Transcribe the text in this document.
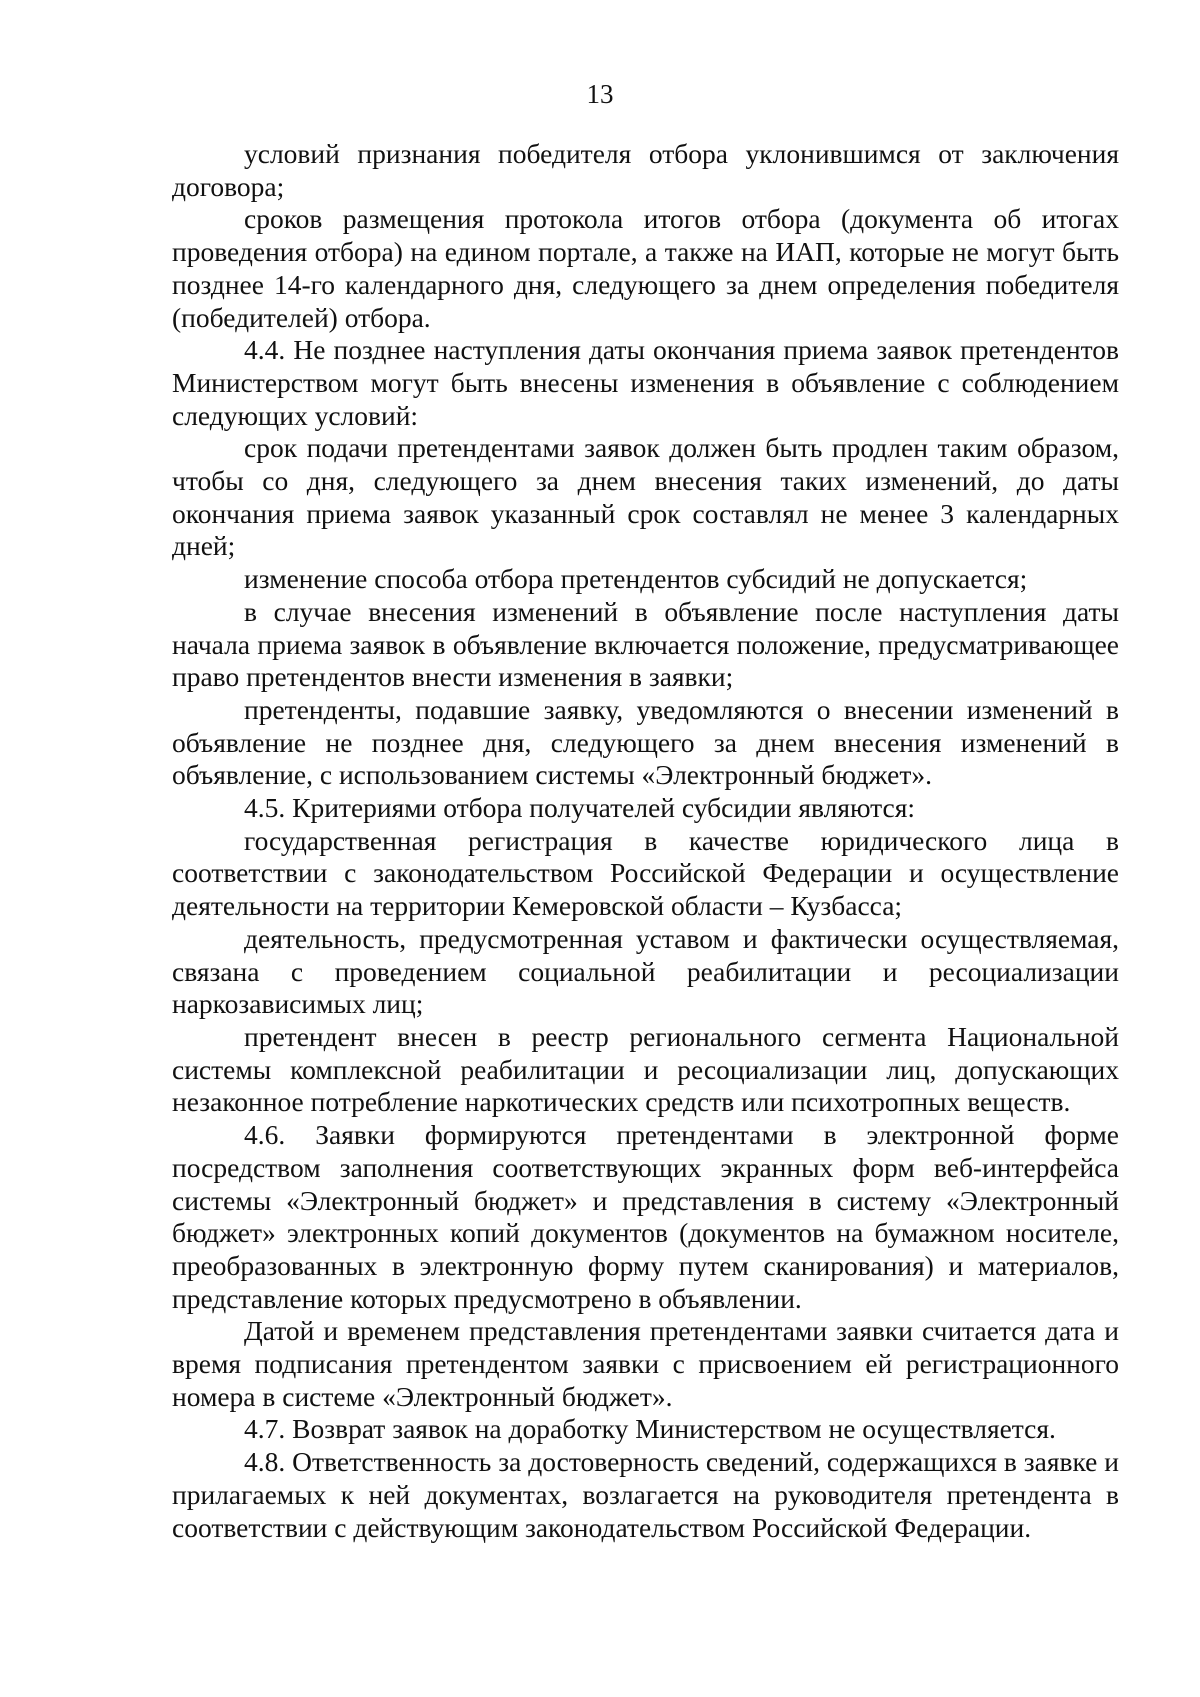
13

условий признания победителя отбора уклонившимся от заключения договора;

сроков размещения протокола итогов отбора (документа об итогах проведения отбора) на едином портале, а также на ИАП, которые не могут быть позднее 14-го календарного дня, следующего за днем определения победителя (победителей) отбора.

4.4. Не позднее наступления даты окончания приема заявок претендентов Министерством могут быть внесены изменения в объявление с соблюдением следующих условий:

срок подачи претендентами заявок должен быть продлен таким образом, чтобы со дня, следующего за днем внесения таких изменений, до даты окончания приема заявок указанный срок составлял не менее 3 календарных дней;

изменение способа отбора претендентов субсидий не допускается;

в случае внесения изменений в объявление после наступления даты начала приема заявок в объявление включается положение, предусматривающее право претендентов внести изменения в заявки;

претенденты, подавшие заявку, уведомляются о внесении изменений в объявление не позднее дня, следующего за днем внесения изменений в объявление, с использованием системы «Электронный бюджет».

4.5. Критериями отбора получателей субсидии являются:

государственная регистрация в качестве юридического лица в соответствии с законодательством Российской Федерации и осуществление деятельности на территории Кемеровской области – Кузбасса;

деятельность, предусмотренная уставом и фактически осуществляемая, связана с проведением социальной реабилитации и ресоциализации наркозависимых лиц;

претендент внесен в реестр регионального сегмента Национальной системы комплексной реабилитации и ресоциализации лиц, допускающих незаконное потребление наркотических средств или психотропных веществ.

4.6. Заявки формируются претендентами в электронной форме посредством заполнения соответствующих экранных форм веб-интерфейса системы «Электронный бюджет» и представления в систему «Электронный бюджет» электронных копий документов (документов на бумажном носителе, преобразованных в электронную форму путем сканирования) и материалов, представление которых предусмотрено в объявлении.

Датой и временем представления претендентами заявки считается дата и время подписания претендентом заявки с присвоением ей регистрационного номера в системе «Электронный бюджет».

4.7. Возврат заявок на доработку Министерством не осуществляется.

4.8. Ответственность за достоверность сведений, содержащихся в заявке и прилагаемых к ней документах, возлагается на руководителя претендента в соответствии с действующим законодательством Российской Федерации.
